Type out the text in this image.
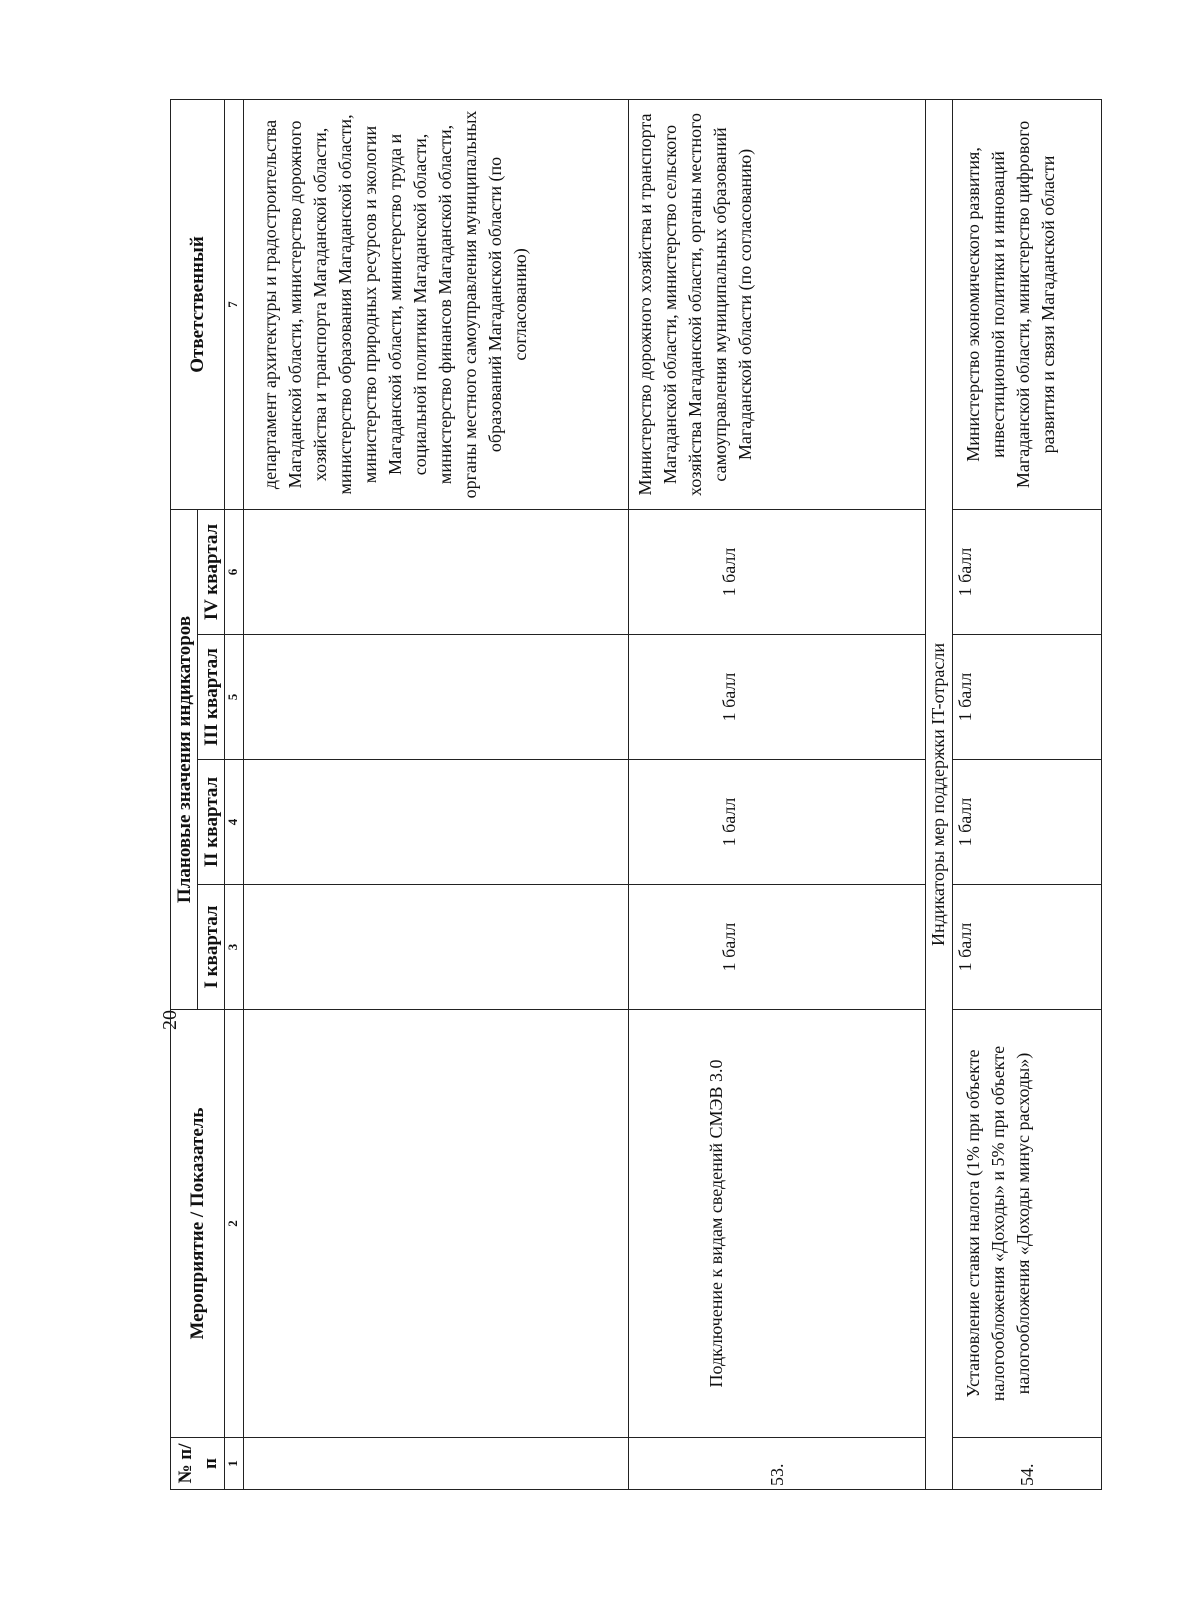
20
№ п/п	Мероприятие / Показатель	Плановые значения индикаторов				Ответственный
		I квартал	II квартал	III квартал	IV квартал	
1	2	3	4	5	6	7
						департамент архитектуры и градостроительства Магаданской области, министерство дорожного хозяйства и транспорта Магаданской области, министерство образования Магаданской области, министерство природных ресурсов и экологии Магаданской области, министерство труда и социальной политики Магаданской области, министерство финансов Магаданской области, органы местного самоуправления муниципальных образований Магаданской области (по согласованию)
53.	Подключение к видам сведений СМЭВ 3.0	1 балл	1 балл	1 балл	1 балл	Министерство дорожного хозяйства и транспорта Магаданской области, министерство сельского хозяйства Магаданской области, органы местного самоуправления муниципальных образований Магаданской области (по согласованию)
Индикаторы мер поддержки IT-отрасли						
54.	Установление ставки налога (1% при объекте налогообложения «Доходы» и 5% при объекте налогообложения «Доходы минус расходы»)	1 балл	1 балл	1 балл	1 балл	Министерство экономического развития, инвестиционной политики и инноваций Магаданской области, министерство цифрового развития и связи Магаданской области
